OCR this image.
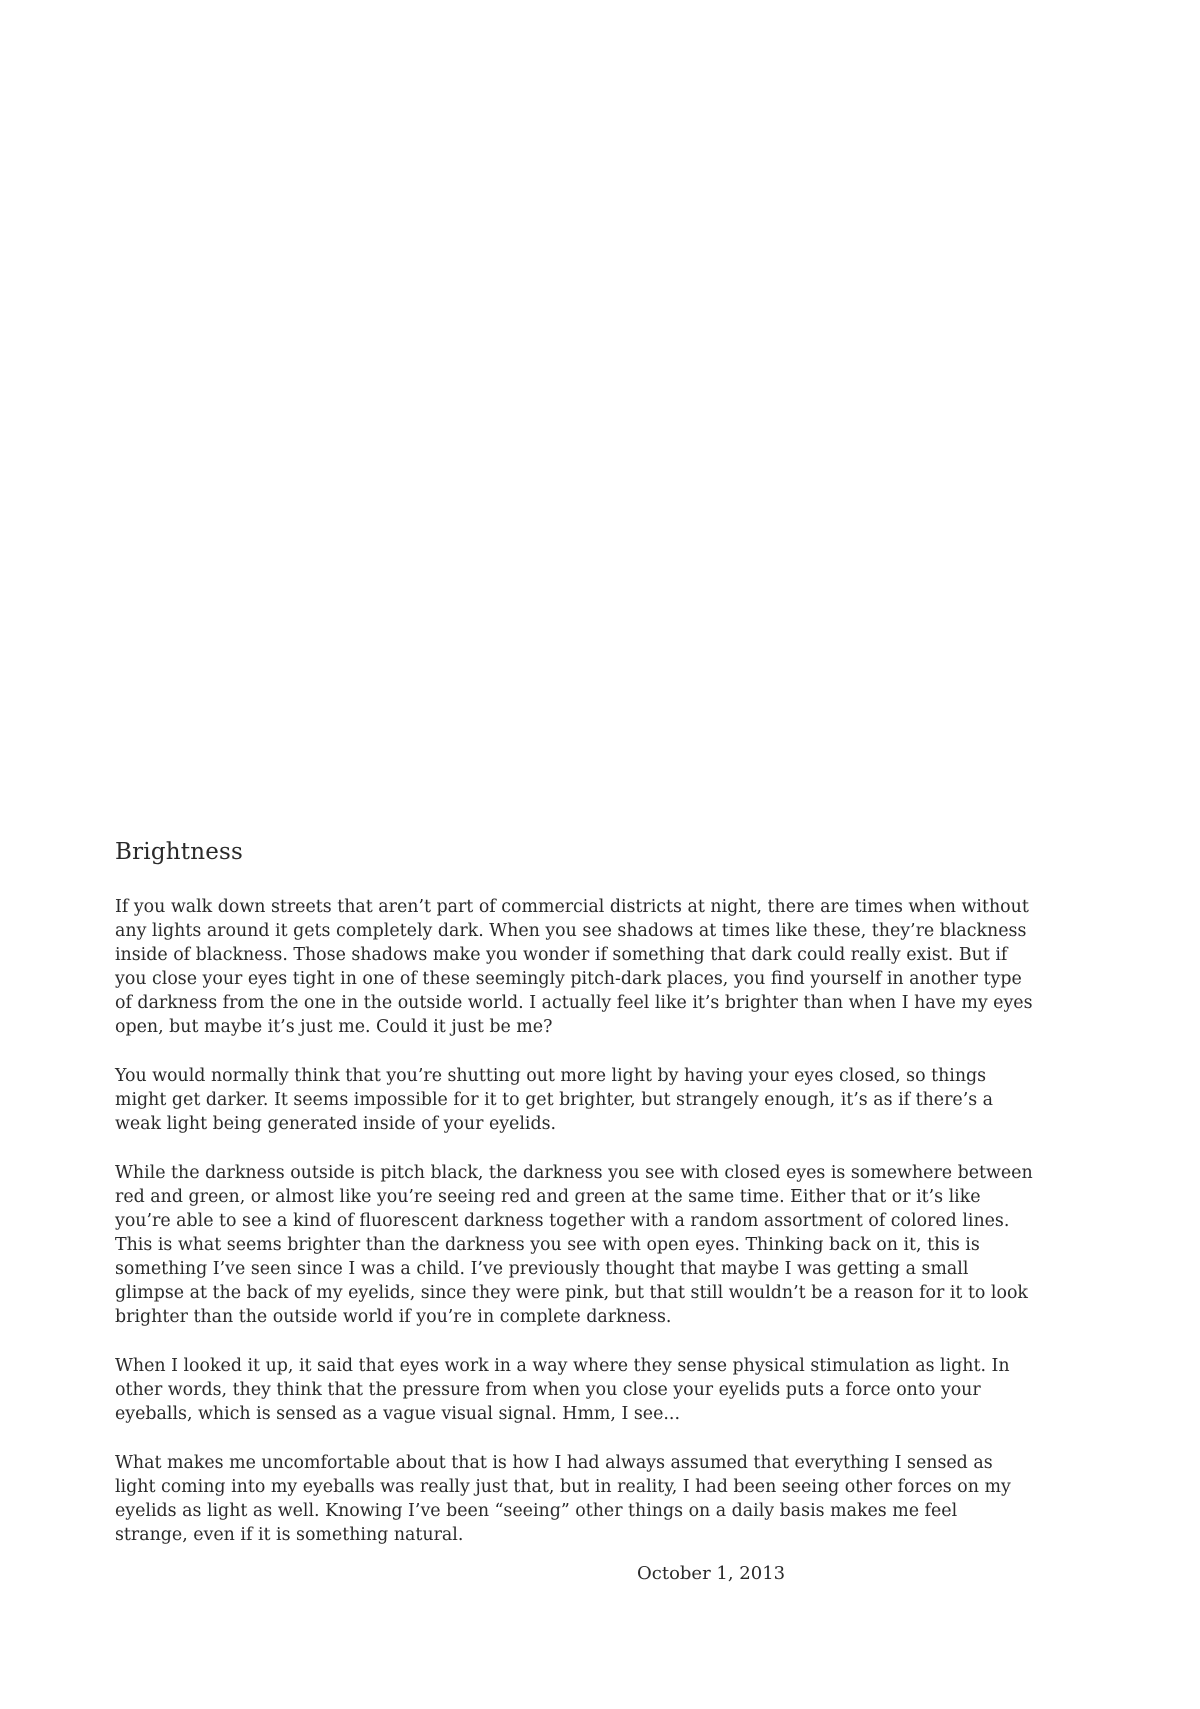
Brightness

If you walk down streets that aren’t part of commercial districts at night, there are times when without any lights around it gets completely dark. When you see shadows at times like these, they’re blackness inside of blackness. Those shadows make you wonder if something that dark could really exist. But if you close your eyes tight in one of these seemingly pitch-dark places, you find yourself in another type of darkness from the one in the outside world. I actually feel like it’s brighter than when I have my eyes open, but maybe it’s just me. Could it just be me?

You would normally think that you’re shutting out more light by having your eyes closed, so things might get darker. It seems impossible for it to get brighter, but strangely enough, it’s as if there’s a weak light being generated inside of your eyelids.

While the darkness outside is pitch black, the darkness you see with closed eyes is somewhere between red and green, or almost like you’re seeing red and green at the same time. Either that or it’s like you’re able to see a kind of fluorescent darkness together with a random assortment of colored lines. This is what seems brighter than the darkness you see with open eyes. Thinking back on it, this is something I’ve seen since I was a child. I’ve previously thought that maybe I was getting a small glimpse at the back of my eyelids, since they were pink, but that still wouldn’t be a reason for it to look brighter than the outside world if you’re in complete darkness.

When I looked it up, it said that eyes work in a way where they sense physical stimulation as light. In other words, they think that the pressure from when you close your eyelids puts a force onto your eyeballs, which is sensed as a vague visual signal. Hmm, I see...

What makes me uncomfortable about that is how I had always assumed that everything I sensed as light coming into my eyeballs was really just that, but in reality, I had been seeing other forces on my eyelids as light as well. Knowing I’ve been “seeing” other things on a daily basis makes me feel strange, even if it is something natural.

October 1, 2013
